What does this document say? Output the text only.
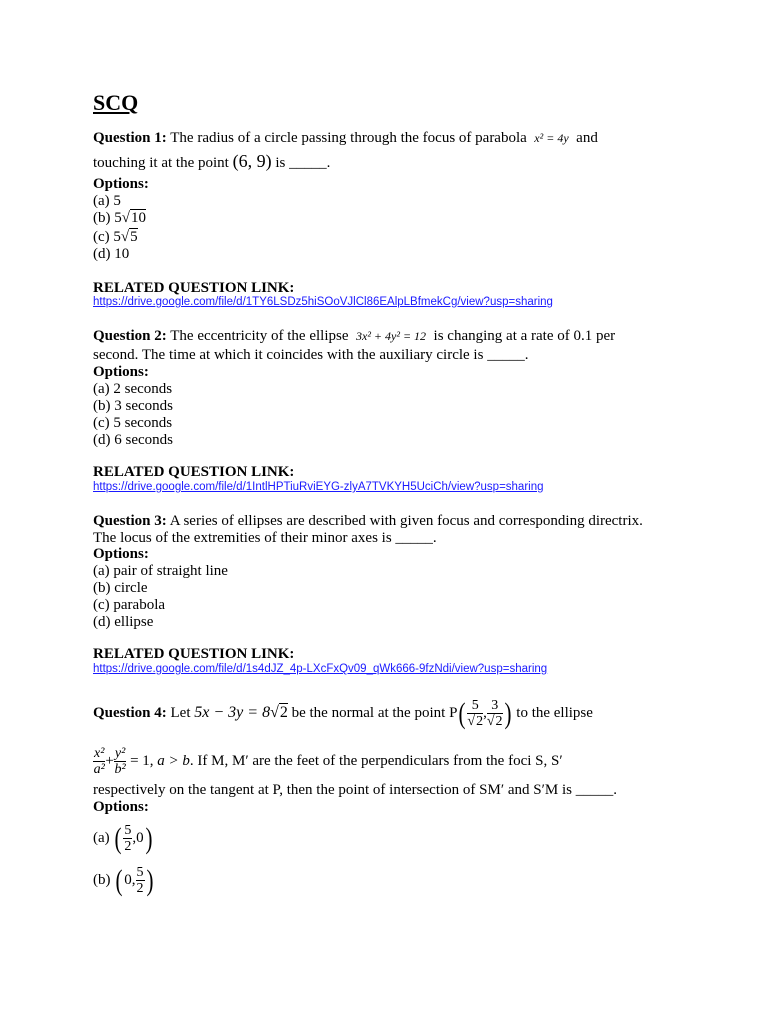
SCQ
Question 1: The radius of a circle passing through the focus of parabola x² = 4y and
touching it at the point (6, 9) is _____.
Options:
(a) 5
(b) 5√10
(c) 5√5
(d) 10
RELATED QUESTION LINK:
https://drive.google.com/file/d/1TY6LSDz5hiSOoVJlCl86EAlpLBfmekCg/view?usp=sharing
Question 2: The eccentricity of the ellipse 3x² + 4y² = 12 is changing at a rate of 0.1 per
second. The time at which it coincides with the auxiliary circle is _____.
Options:
(a) 2 seconds
(b) 3 seconds
(c) 5 seconds
(d) 6 seconds
RELATED QUESTION LINK:
https://drive.google.com/file/d/1IntlHPTiuRviEYG-zlyA7TVKYH5UciCh/view?usp=sharing
Question 3: A series of ellipses are described with given focus and corresponding directrix.
The locus of the extremities of their minor axes is _____.
Options:
(a) pair of straight line
(b) circle
(c) parabola
(d) ellipse
RELATED QUESTION LINK:
https://drive.google.com/file/d/1s4dJZ_4p-LXcFxQv09_qWk666-9fzNdi/view?usp=sharing
Question 4: Let 5x − 3y = 8√2 be the normal at the point $P( \frac{5}{√2}$ , $\frac{3}{√2}$ ) to the ellipse
$\frac{\text{x²}}{\text{a²}} + \frac{\text{y²}}{\text{b²}} = 1$, a > b. If M, M′ are the feet of the perpendiculars from the foci S, S′
respectively on the tangent at P, then the point of intersection of SM′ and S′M is _____.
Options:
(a) ( $\frac{5}{2} ,0$)
(b) ( 0, $\frac{5}{2}$ )
